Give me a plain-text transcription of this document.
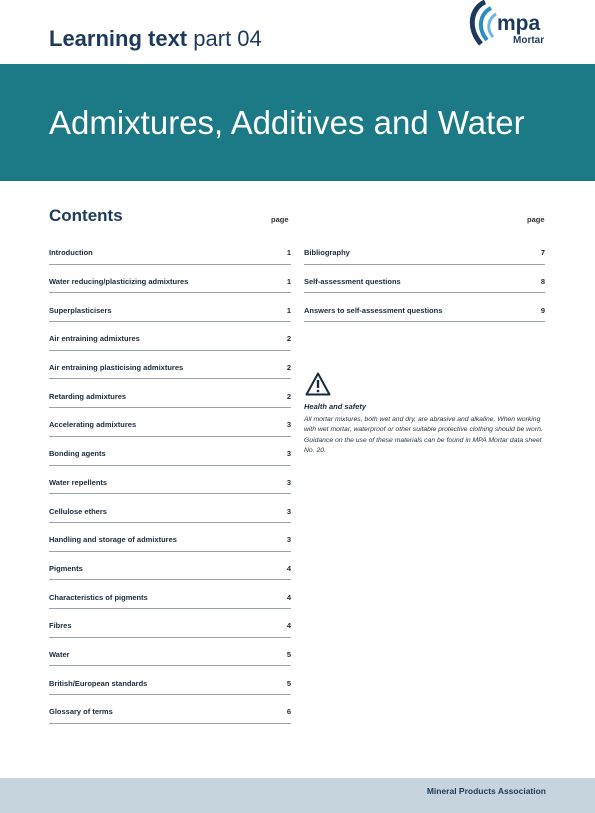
Learning text part 04
mpa
Mortar
Admixtures, Additives and Water
Contents	page	page
Introduction	1
Water reducing/plasticizing admixtures	1
Superplasticisers	1
Air entraining admixtures	2
Air entraining plasticising admixtures	2
Retarding admixtures	2
Accelerating admixtures	3
Bonding agents	3
Water repellents	3
Cellulose ethers	3
Handling and storage of admixtures	3
Pigments	4
Characteristics of pigments	4
Fibres	4
Water	5
British/European standards	5
Glossary of terms	6
Bibliography	7
Self-assessment questions	8
Answers to self-assessment questions	9
Health and safety
All mortar mixtures, both wet and dry, are abrasive and alkaline. When working with wet mortar, waterproof or other suitable protective clothing should be worn. Guidance on the use of these materials can be found in MPA Mortar data sheet No. 20.
Mineral Products Association
